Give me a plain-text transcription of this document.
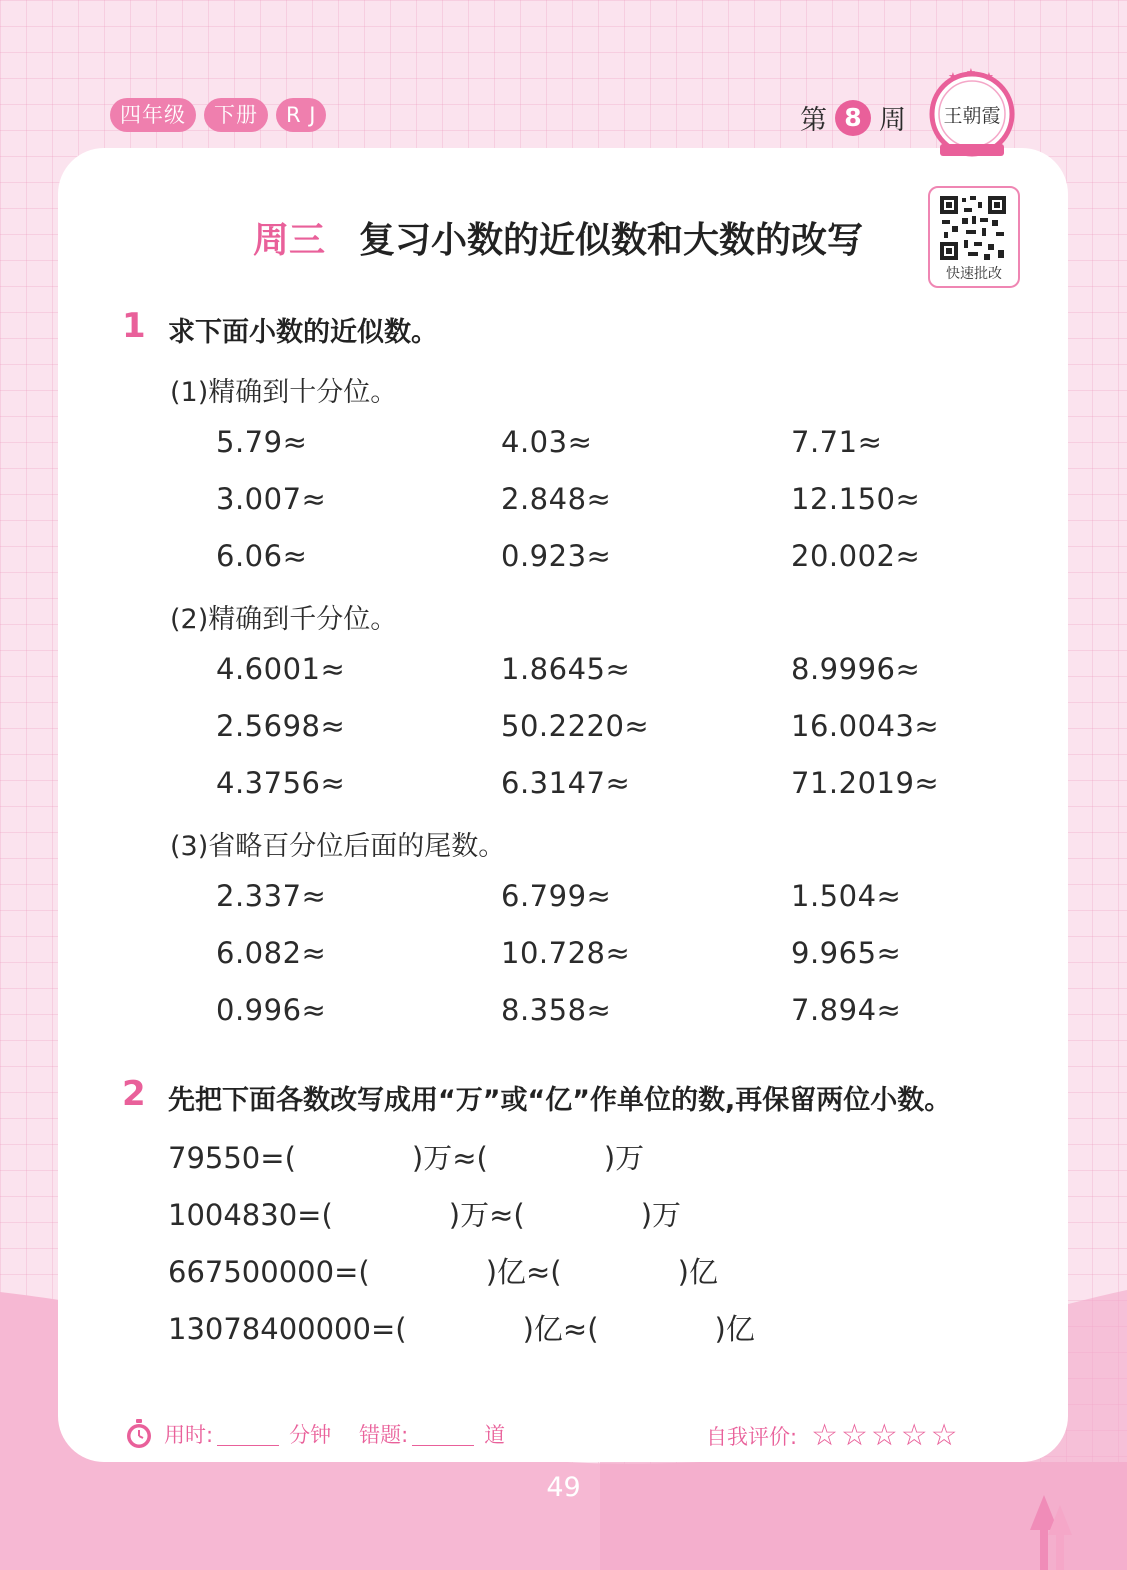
四年级	下册	R J	第 8 周
★ ★ ★
王朝霞
快速批改
周三 复习小数的近似数和大数的改写
1 求下面小数的近似数。
(1)精确到十分位。
5.79≈	4.03≈	7.71≈
3.007≈	2.848≈	12.150≈
6.06≈	0.923≈	20.002≈
(2)精确到千分位。
4.6001≈	1.8645≈	8.9996≈
2.5698≈	50.2220≈	16.0043≈
4.3756≈	6.3147≈	71.2019≈
(3)省略百分位后面的尾数。
2.337≈	6.799≈	1.504≈
6.082≈	10.728≈	9.965≈
0.996≈	8.358≈	7.894≈
2 先把下面各数改写成用“万”或“亿”作单位的数,再保留两位小数。
79550=(	)万≈(	)万
1004830=(	)万≈(	)万
667500000=(	)亿≈(	)亿
13078400000=(	)亿≈(	)亿
用时:	分钟 错题:	道	自我评价: ☆☆☆☆☆
49
